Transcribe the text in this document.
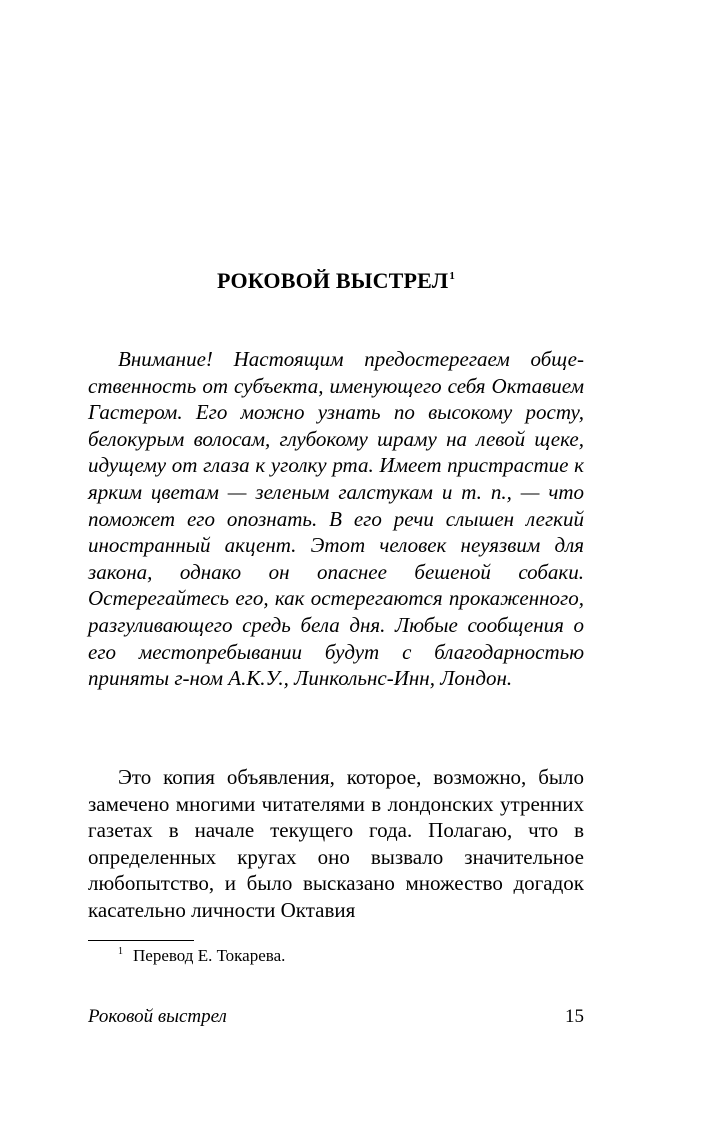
РОКОВОЙ ВЫСТРЕЛ$^1$

Внимание! Настоящим предостерегаем общественность от субъекта, именующего себя Октавием Гастером. Его можно узнать по высокому росту, белокурым волосам, глубокому шраму на левой щеке, идущему от глаза к уголку рта. Имеет пристрастие к ярким цветам — зеленым галстукам и т. п., — что поможет его опознать. В его речи слышен легкий иностранный акцент. Этот человек неуязвим для закона, однако он опаснее бешеной собаки. Остерегайтесь его, как остерегаются прокаженного, разгуливающего средь бела дня. Любые сообщения о его местопребывании будут с благодарностью приняты г-ном А.К.У., Линкольнс-Инн, Лондон.

Это копия объявления, которое, возможно, было замечено многими читателями в лондонских утренних газетах в начале текущего года. Полагаю, что в определенных кругах оно вызвало значительное любопытство, и было высказано множество догадок касательно личности Октавия

$^1$ Перевод Е. Токарева.
Роковой выстрел	15
